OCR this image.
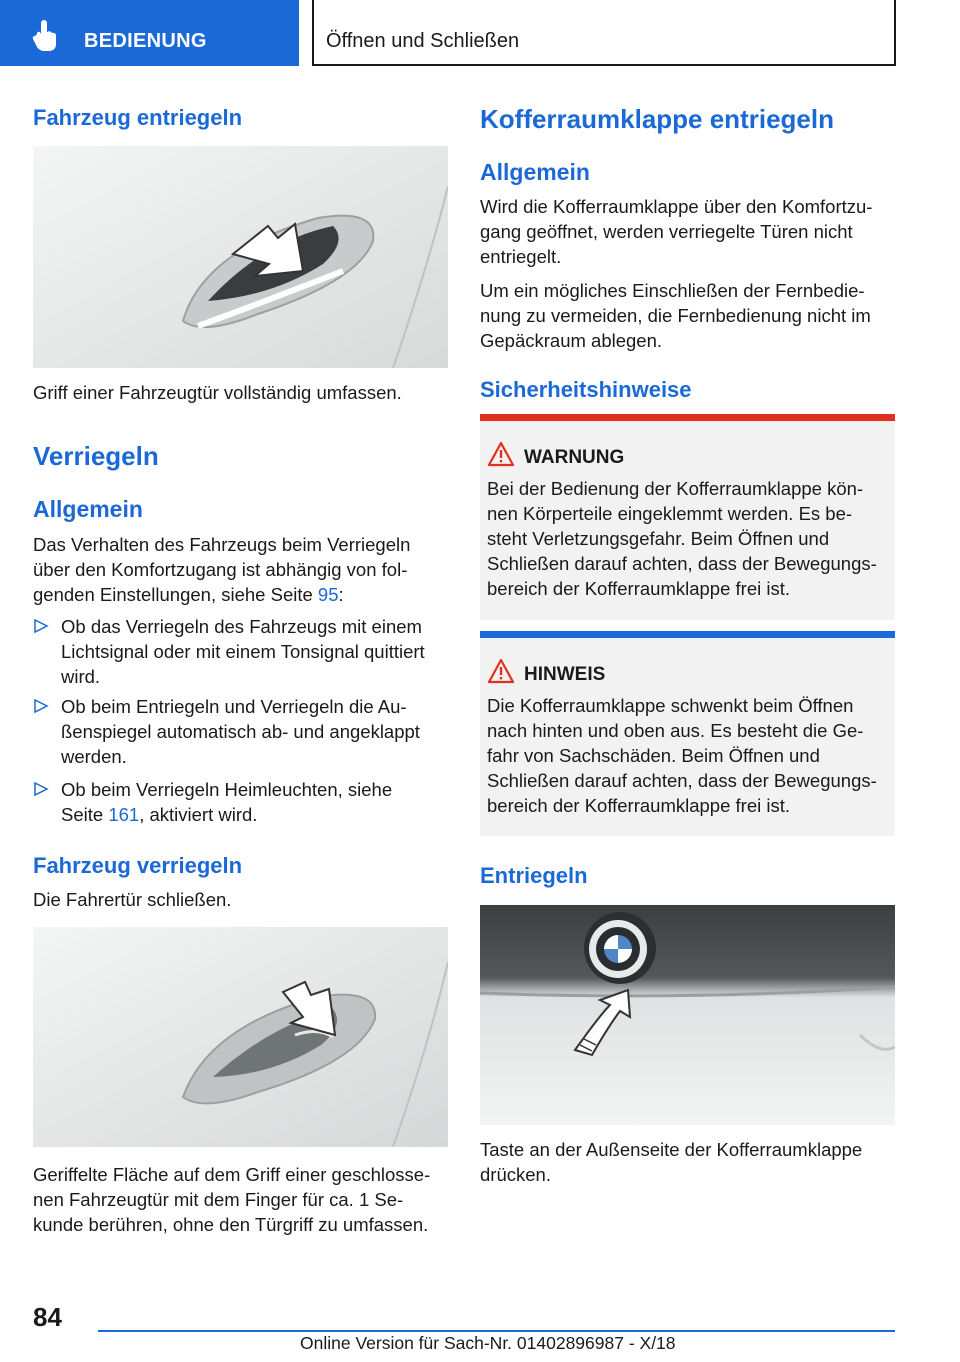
BEDIENUNG	Öffnen und Schließen
Fahrzeug entriegeln
Griff einer Fahrzeugtür vollständig umfassen.
Verriegeln
Allgemein
Das Verhalten des Fahrzeugs beim Verriegeln
über den Komfortzugang ist abhängig von fol‐
genden Einstellungen, siehe Seite 95:
Ob das Verriegeln des Fahrzeugs mit einem
Lichtsignal oder mit einem Tonsignal quittiert
wird.
Ob beim Entriegeln und Verriegeln die Au‐
ßenspiegel automatisch ab- und angeklappt
werden.
Ob beim Verriegeln Heimleuchten, siehe
Seite 161, aktiviert wird.
Fahrzeug verriegeln
Die Fahrertür schließen.
Geriffelte Fläche auf dem Griff einer geschlosse‐
nen Fahrzeugtür mit dem Finger für ca. 1 Se‐
kunde berühren, ohne den Türgriff zu umfassen.
Kofferraumklappe entriegeln
Allgemein
Wird die Kofferraumklappe über den Komfortzu‐
gang geöffnet, werden verriegelte Türen nicht
entriegelt.
Um ein mögliches Einschließen der Fernbedie‐
nung zu vermeiden, die Fernbedienung nicht im
Gepäckraum ablegen.
Sicherheitshinweise
WARNUNG
Bei der Bedienung der Kofferraumklappe kön‐
nen Körperteile eingeklemmt werden. Es be‐
steht Verletzungsgefahr. Beim Öffnen und
Schließen darauf achten, dass der Bewegungs‐
bereich der Kofferraumklappe frei ist.
HINWEIS
Die Kofferraumklappe schwenkt beim Öffnen
nach hinten und oben aus. Es besteht die Ge‐
fahr von Sachschäden. Beim Öffnen und
Schließen darauf achten, dass der Bewegungs‐
bereich der Kofferraumklappe frei ist.
Entriegeln
Taste an der Außenseite der Kofferraumklappe
drücken.
84
Online Version für Sach-Nr. 01402896987 - X/18
